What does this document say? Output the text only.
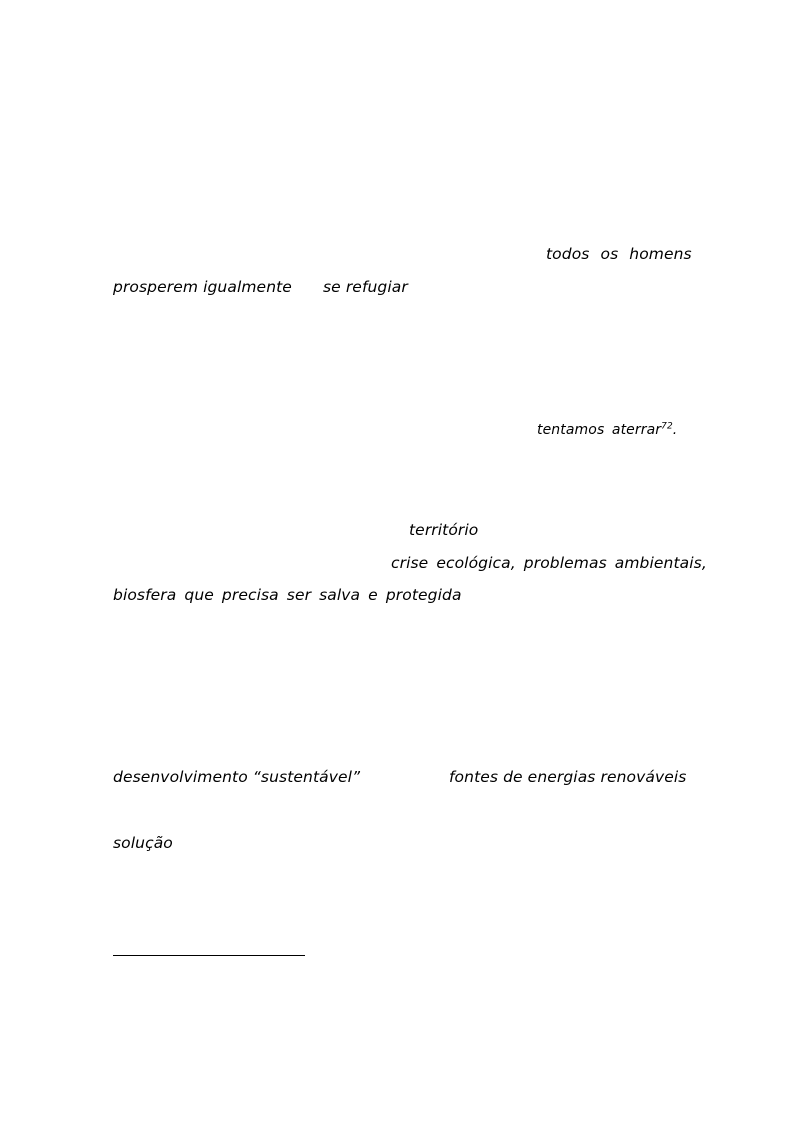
todos os homens
prosperem igualmente se refugiar
tentamos aterrar$^{72}$.
território
crise ecológica, problemas ambientais,
biosfera que precisa ser salva e protegida
desenvolvimento “sustentável”	fontes de energias renováveis
solução
